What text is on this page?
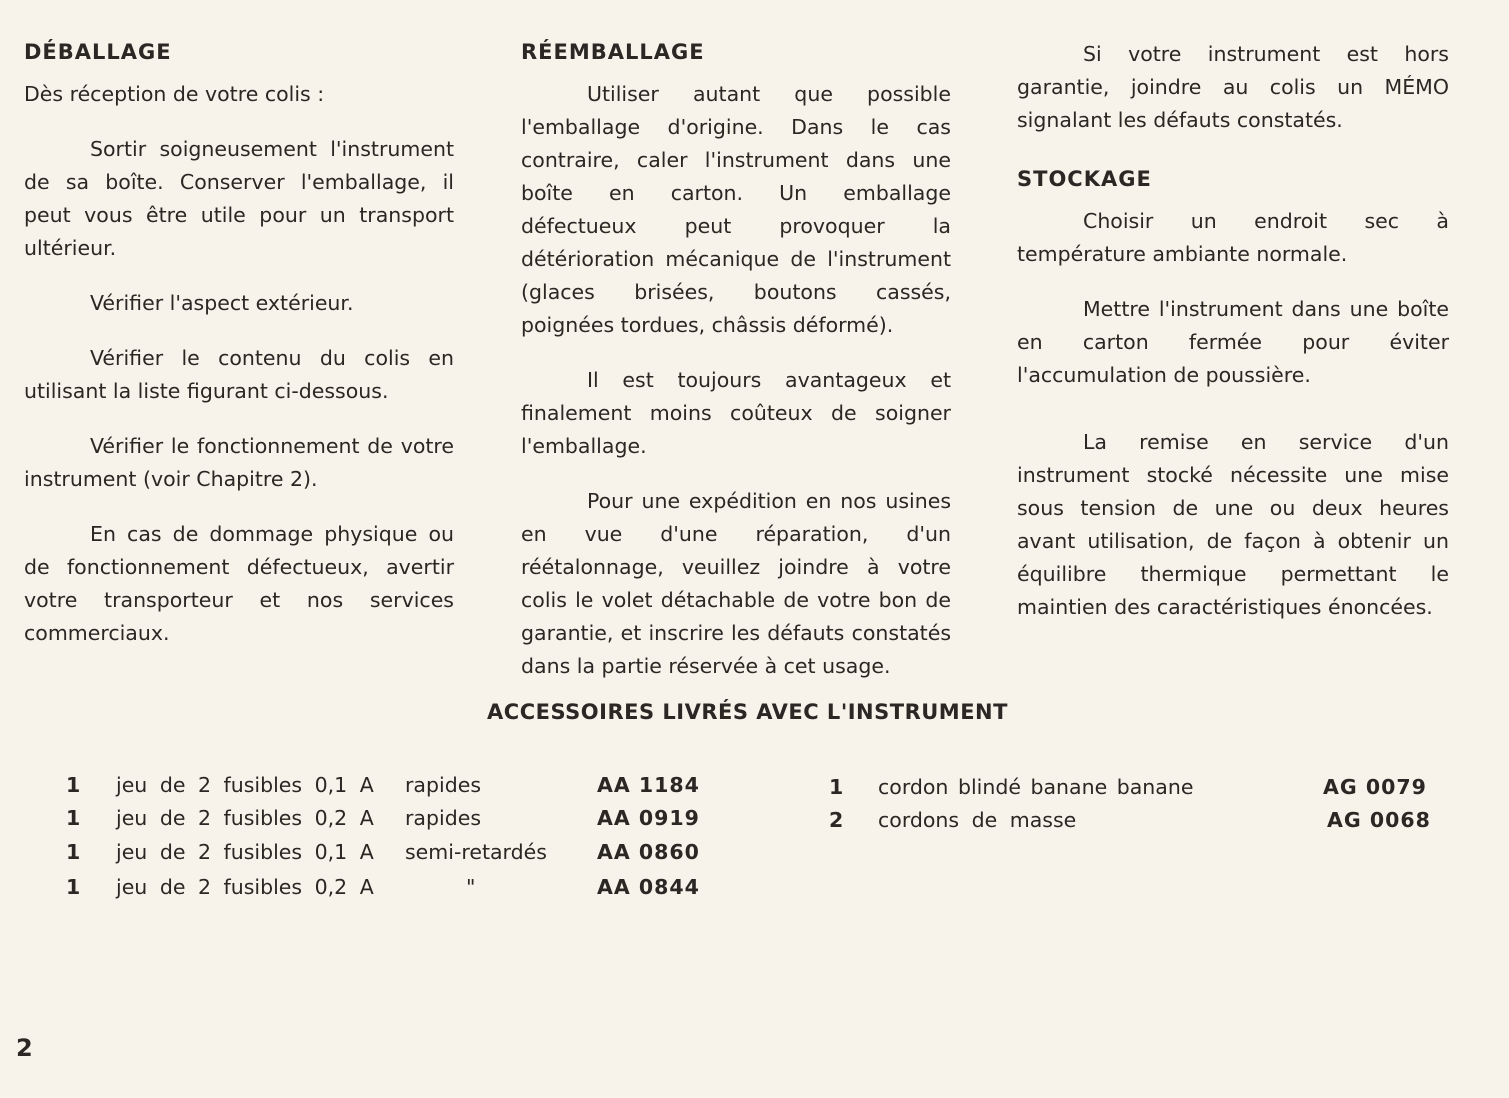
DÉBALLAGE

Dès réception de votre colis :

Sortir soigneusement l'instrument de sa boîte. Conserver l'emballage, il peut vous être utile pour un transport ultérieur.

Vérifier l'aspect extérieur.

Vérifier le contenu du colis en utilisant la liste figurant ci-dessous.

Vérifier le fonctionnement de votre instrument (voir Chapitre 2).

En cas de dommage physique ou de fonctionnement défectueux, avertir votre transporteur et nos services commerciaux.

RÉEMBALLAGE

Utiliser autant que possible l'emballage d'origine. Dans le cas contraire, caler l'instrument dans une boîte en carton. Un emballage défectueux peut provoquer la détérioration mécanique de l'instrument (glaces brisées, boutons cassés, poignées tordues, châssis déformé).

Il est toujours avantageux et finalement moins coûteux de soigner l'emballage.

Pour une expédition en nos usines en vue d'une réparation, d'un réétalonnage, veuillez joindre à votre colis le volet détachable de votre bon de garantie, et inscrire les défauts constatés dans la partie réservée à cet usage.

Si votre instrument est hors garantie, joindre au colis un MÉMO signalant les défauts constatés.

STOCKAGE

Choisir un endroit sec à température ambiante normale.

Mettre l'instrument dans une boîte en carton fermée pour éviter l'accumulation de poussière.

La remise en service d'un instrument stocké nécessite une mise sous tension de une ou deux heures avant utilisation, de façon à obtenir un équilibre thermique permettant le maintien des caractéristiques énoncées.

ACCESSOIRES LIVRÉS AVEC L'INSTRUMENT
1 jeu de 2 fusibles 0,1 A rapides	AA 1184
1 jeu de 2 fusibles 0,2 A rapides	AA 0919
1 jeu de 2 fusibles 0,1 A semi-retardés AA 0860
1 jeu de 2 fusibles 0,2 A	"	AA 0844
1 cordon blindé banane banane	AG 0079
2 cordons de masse	AG 0068
2
